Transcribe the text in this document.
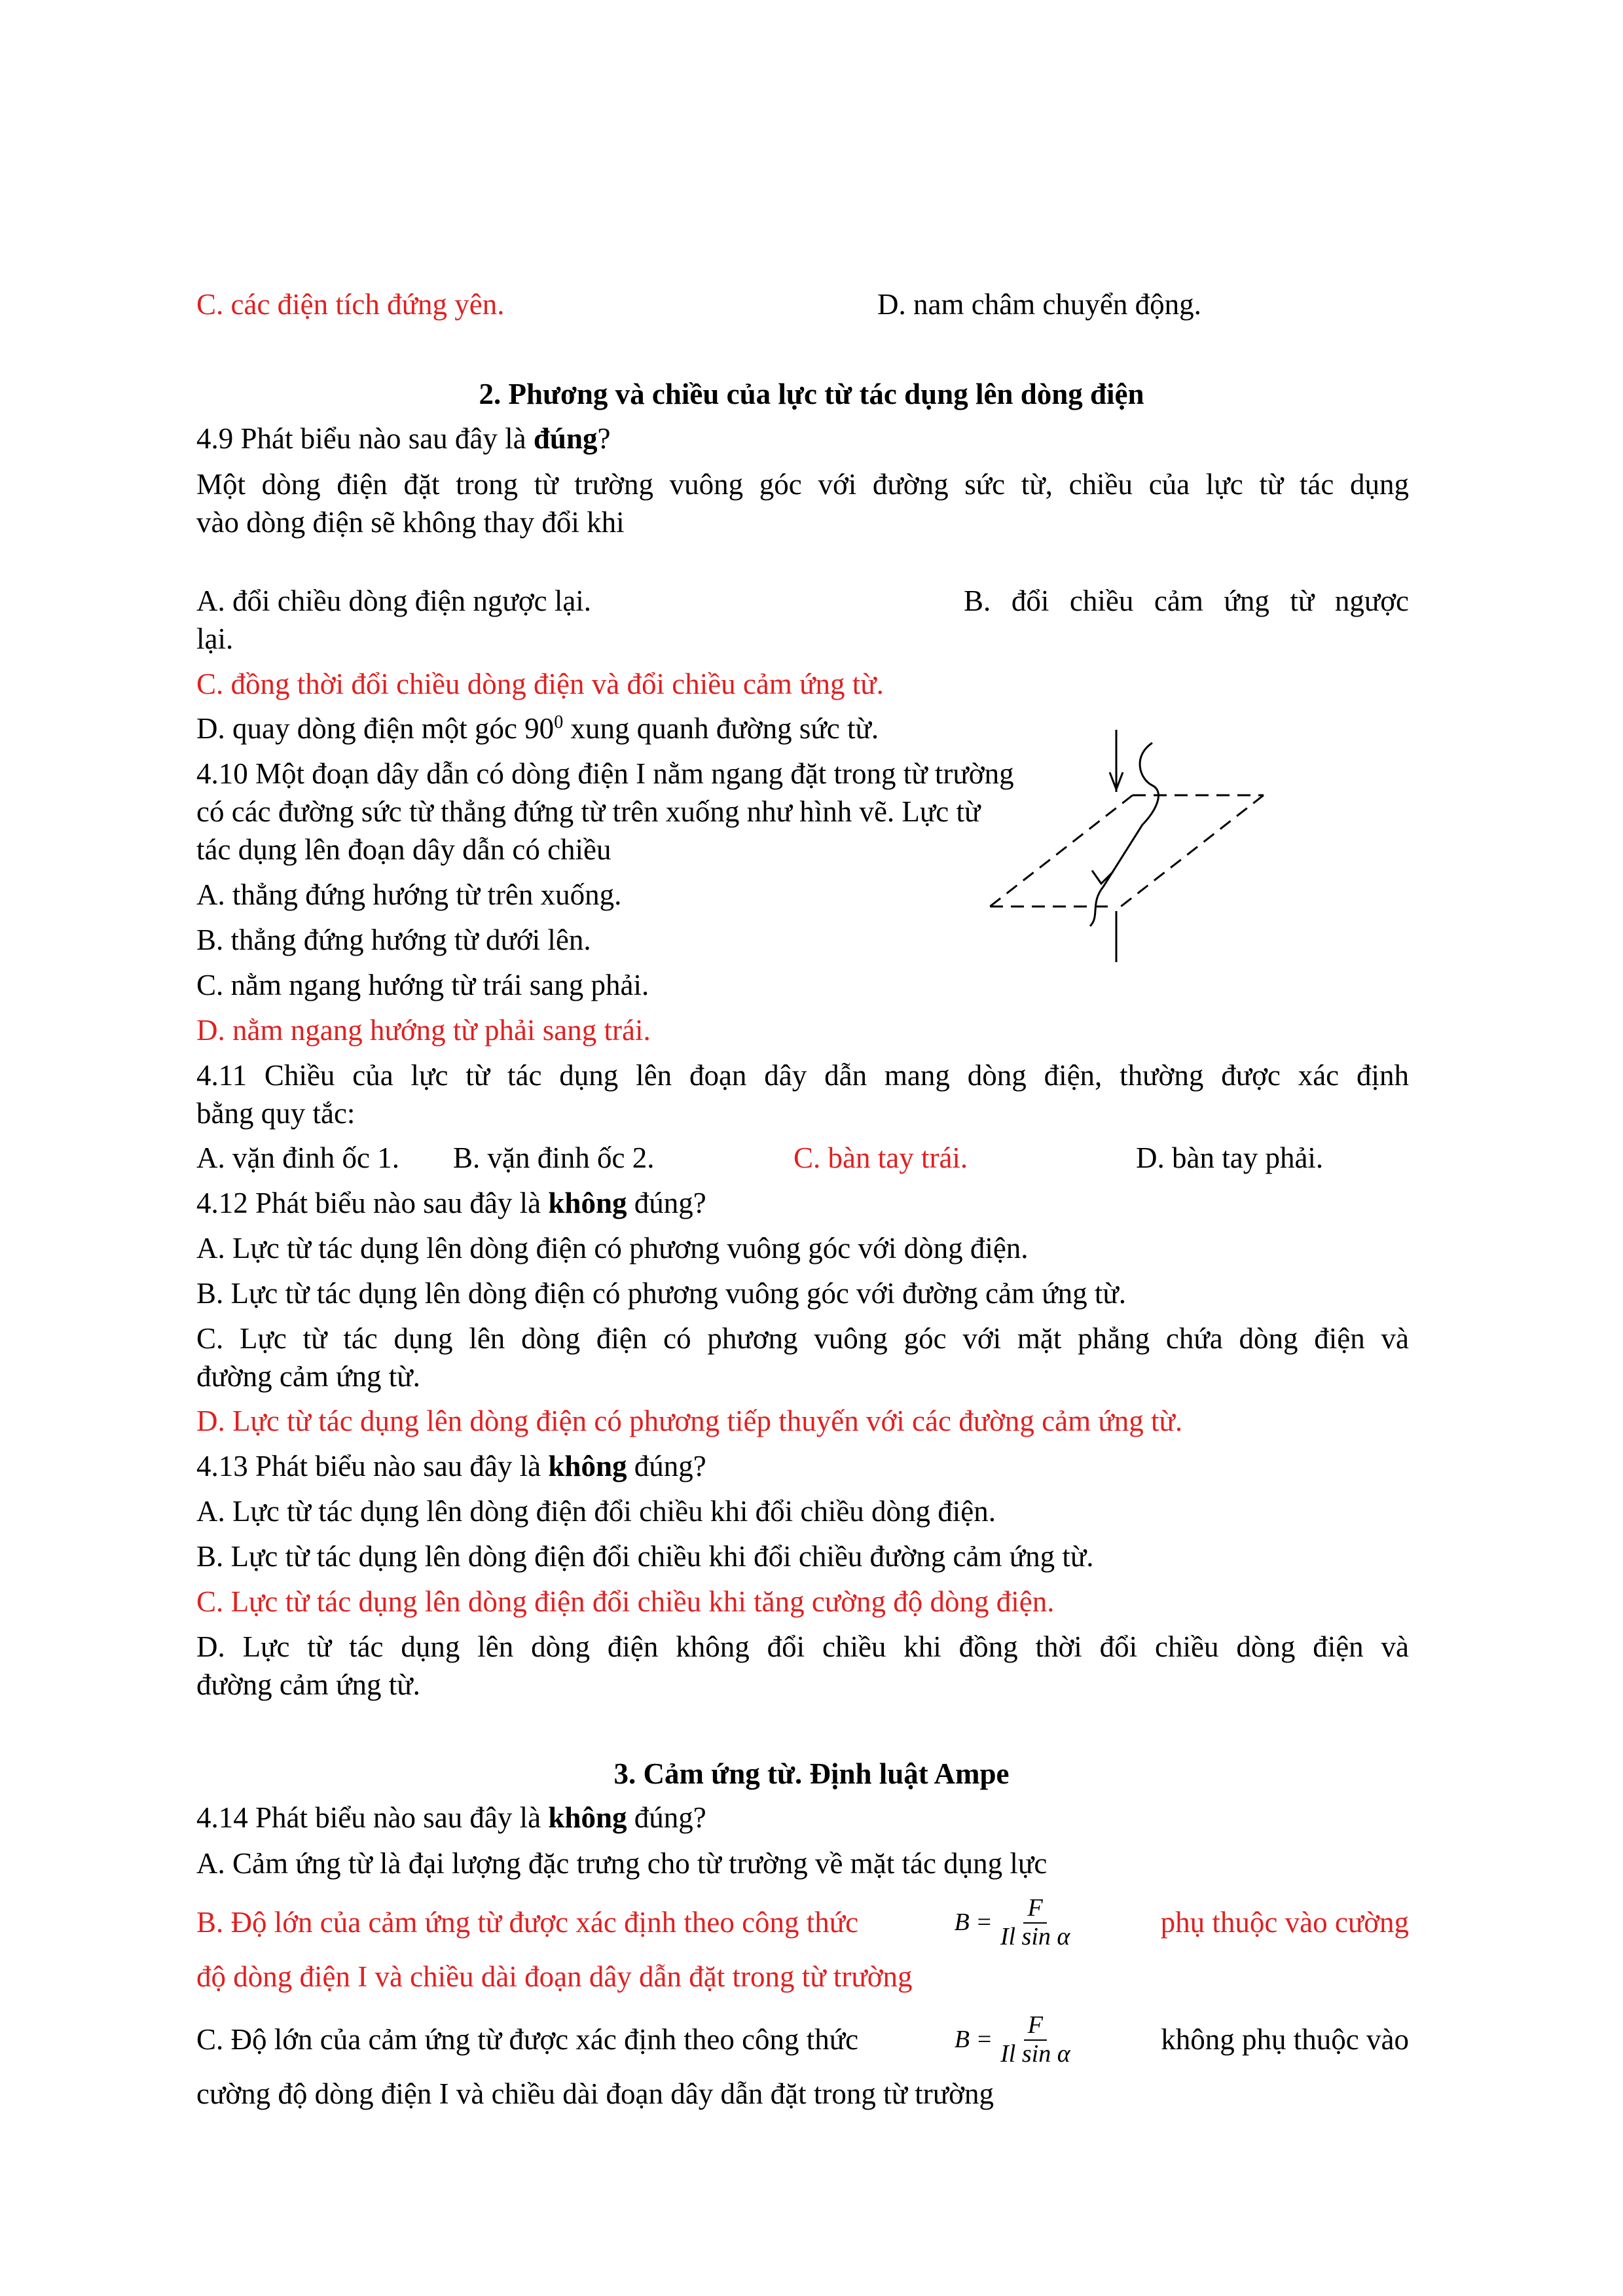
C. các điện tích đứng yên.	D. nam châm chuyển động.
2. Phương và chiều của lực từ tác dụng lên dòng điện
4.9 Phát biểu nào sau đây là đúng?
Một dòng điện đặt trong từ trường vuông góc với đường sức từ, chiều của lực từ tác dụng
vào dòng điện sẽ không thay đổi khi
A. đổi chiều dòng điện ngược lại.	B. đổi chiều cảm ứng từ ngược
lại.
C. đồng thời đổi chiều dòng điện và đổi chiều cảm ứng từ.
D. quay dòng điện một góc $90^0$ xung quanh đường sức từ.
4.10 Một đoạn dây dẫn có dòng điện I nằm ngang đặt trong từ trường
có các đường sức từ thẳng đứng từ trên xuống như hình vẽ. Lực từ
tác dụng lên đoạn dây dẫn có chiều
A. thẳng đứng hướng từ trên xuống.
B. thẳng đứng hướng từ dưới lên.
C. nằm ngang hướng từ trái sang phải.
D. nằm ngang hướng từ phải sang trái.
4.11 Chiều của lực từ tác dụng lên đoạn dây dẫn mang dòng điện, thường được xác định
bằng quy tắc:
A. vặn đinh ốc 1. B. vặn đinh ốc 2.	C. bàn tay trái.	D. bàn tay phải.
4.12 Phát biểu nào sau đây là không đúng?
A. Lực từ tác dụng lên dòng điện có phương vuông góc với dòng điện.
B. Lực từ tác dụng lên dòng điện có phương vuông góc với đường cảm ứng từ.
C. Lực từ tác dụng lên dòng điện có phương vuông góc với mặt phẳng chứa dòng điện và
đường cảm ứng từ.
D. Lực từ tác dụng lên dòng điện có phương tiếp thuyến với các đường cảm ứng từ.
4.13 Phát biểu nào sau đây là không đúng?
A. Lực từ tác dụng lên dòng điện đổi chiều khi đổi chiều dòng điện.
B. Lực từ tác dụng lên dòng điện đổi chiều khi đổi chiều đường cảm ứng từ.
C. Lực từ tác dụng lên dòng điện đổi chiều khi tăng cường độ dòng điện.
D. Lực từ tác dụng lên dòng điện không đổi chiều khi đồng thời đổi chiều dòng điện và
đường cảm ứng từ.
3. Cảm ứng từ. Định luật Ampe
4.14 Phát biểu nào sau đây là không đúng?
A. Cảm ứng từ là đại lượng đặc trưng cho từ trường về mặt tác dụng lực
B. Độ lớn của cảm ứng từ được xác định theo công thức	$B = \frac{F}{\text{Il sin α}}$	phụ thuộc vào cường
độ dòng điện I và chiều dài đoạn dây dẫn đặt trong từ trường
C. Độ lớn của cảm ứng từ được xác định theo công thức	$B = \frac{F}{\text{Il sin α}}$	không phụ thuộc vào
cường độ dòng điện I và chiều dài đoạn dây dẫn đặt trong từ trường
